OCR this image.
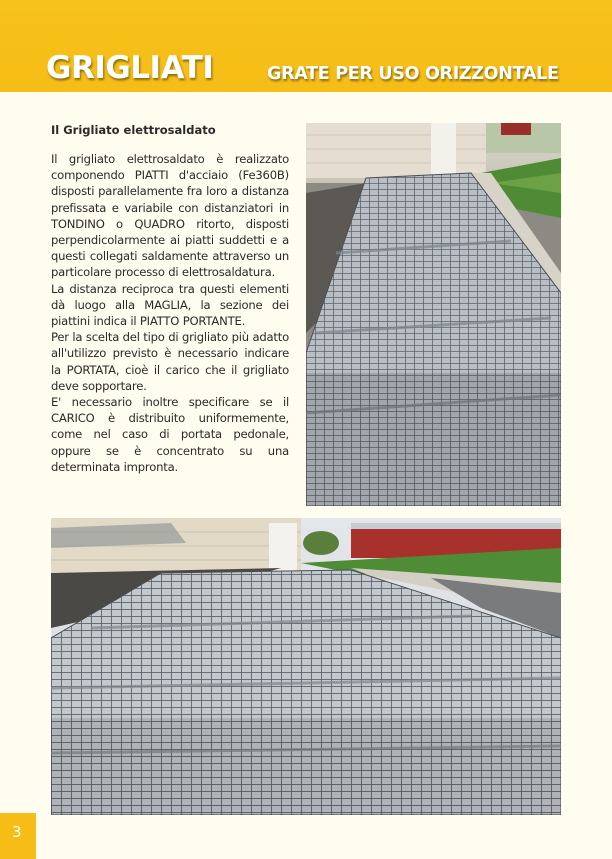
GRIGLIATI	GRATE PER USO ORIZZONTALE
Il Grigliato elettrosaldato

Il grigliato elettrosaldato è realizzato componendo PIATTI d'acciaio (Fe360B) disposti parallelamente fra loro a distanza prefissata e variabile con distanziatori in TONDINO o QUADRO ritorto, disposti perpendicolarmente ai piatti suddetti e a questi collegati saldamente attraverso un particolare processo di elettrosaldatura.

La distanza reciproca tra questi elementi dà luogo alla MAGLIA, la sezione dei piattini indica il PIATTO PORTANTE.

Per la scelta del tipo di grigliato più adatto all'utilizzo previsto è necessario indicare la PORTATA, cioè il carico che il grigliato deve sopportare.

E' necessario inoltre specificare se il CARICO è distribuito uniformemente, come nel caso di portata pedonale, oppure se è concentrato su una determinata impronta.

3
